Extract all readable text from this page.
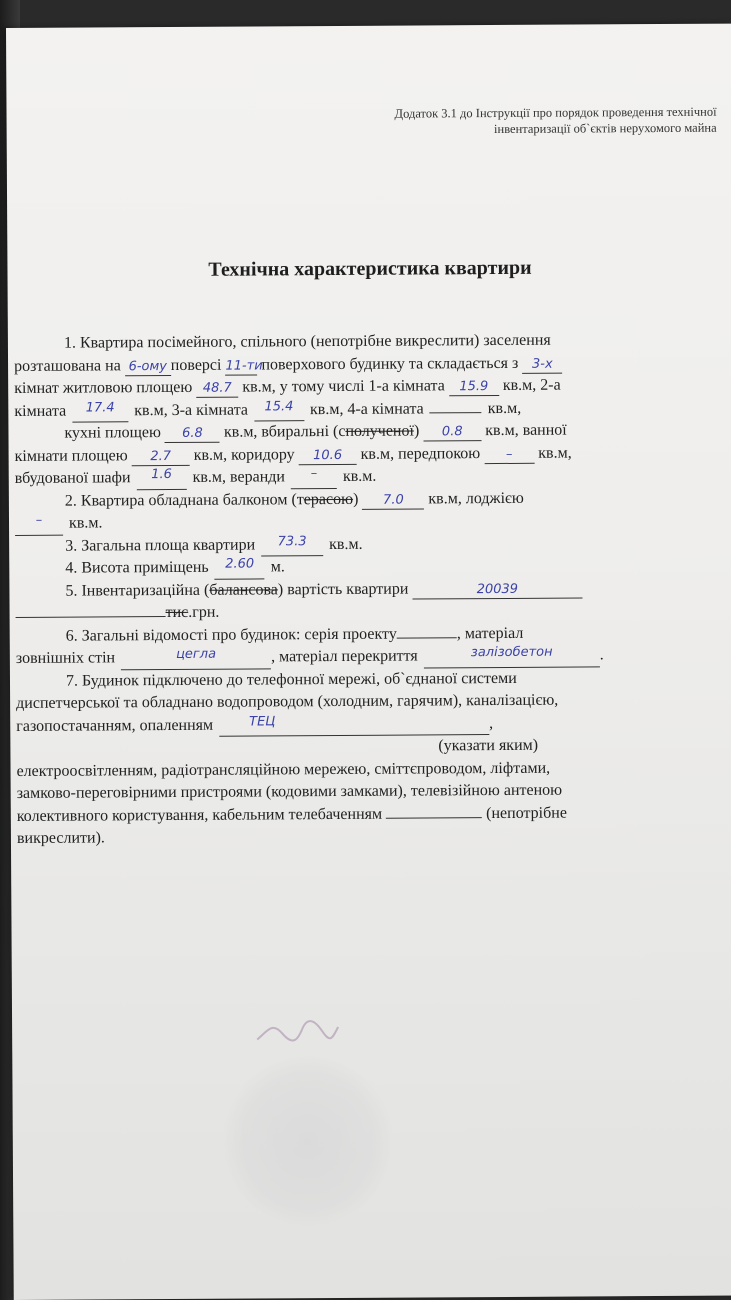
Додаток 3.1 до Інструкції про порядок проведення технічної
інвентаризації об`єктів нерухомого майна
Технічна характеристика квартири
1. Квартира посімейного, спільного (непотрібне викреслити) заселення
розташована на 6-ому поверсі 11-ти поверхового будинку та складається з 3-х
кімнат житловою площею 48.7 кв.м, у тому числі 1-а кімната 15.9 кв.м, 2-а
кімната	17.4	кв.м, 3-а кімната	15.4	кв.м, 4-а кімната	кв.м,
кухні площею 6.8 кв.м, вбиральні (сполученої) 0.8 кв.м, ванної
кімнати площею 2.7 кв.м, коридору 10.6 кв.м, передпокою – кв.м,
вбудованої шафи	1.6	кв.м, веранди	–	кв.м.
2. Квартира обладнана балконом (терасою) 7.0 кв.м, лоджією
–	кв.м.
3. Загальна площа квартири	73.3	кв.м.
4. Висота приміщень	2.60	м.
5. Інвентаризаційна (балансова) вартість квартири	20039
тис.грн.
6. Загальні відомості про будинок: серія проекту	, матеріал
зовнішніх стін	цегла	, матеріал перекриття	залізобетон	.
7. Будинок підключено до телефонної мережі, об`єднаної системи
диспетчерської та обладнано водопроводом (холодним, гарячим), каналізацією,
газопостачанням, опаленням	ТЕЦ	,
(указати яким)
електроосвітленням, радіотрансляційною мережею, сміттєпроводом, ліфтами,
замково-переговірними пристроями (кодовими замками), телевізійною антеною
колективного користування, кабельним телебаченням	(непотрібне
викреслити).
